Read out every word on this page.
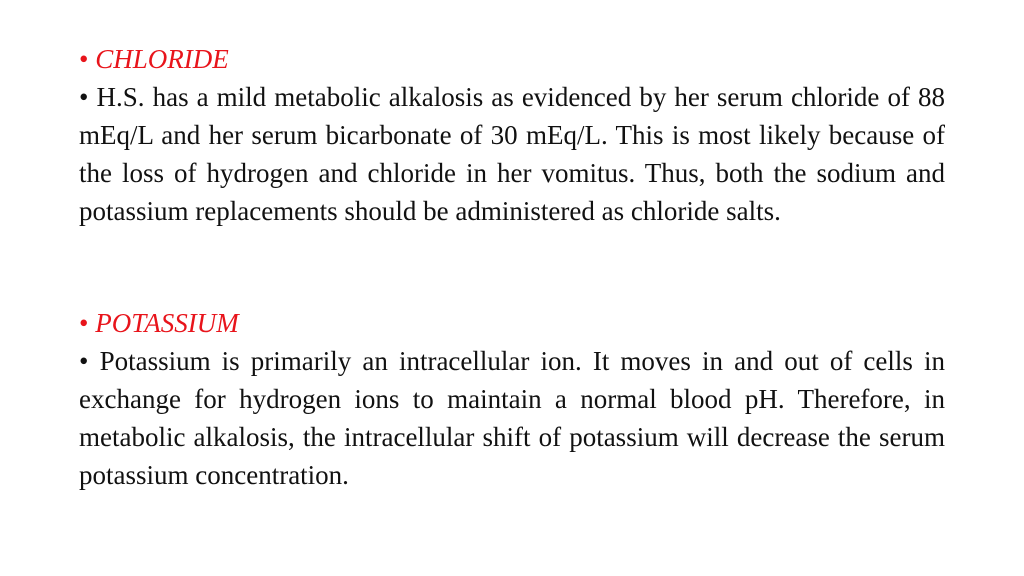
• CHLORIDE

• H.S. has a mild metabolic alkalosis as evidenced by her serum chloride of 88 mEq/L and her serum bicarbonate of 30 mEq/L. This is most likely because of the loss of hydrogen and chloride in her vomitus. Thus, both the sodium and potassium replacements should be administered as chloride salts.

• POTASSIUM

• Potassium is primarily an intracellular ion. It moves in and out of cells in exchange for hydrogen ions to maintain a normal blood pH. Therefore, in metabolic alkalosis, the intracellular shift of potassium will decrease the serum potassium concentration.
